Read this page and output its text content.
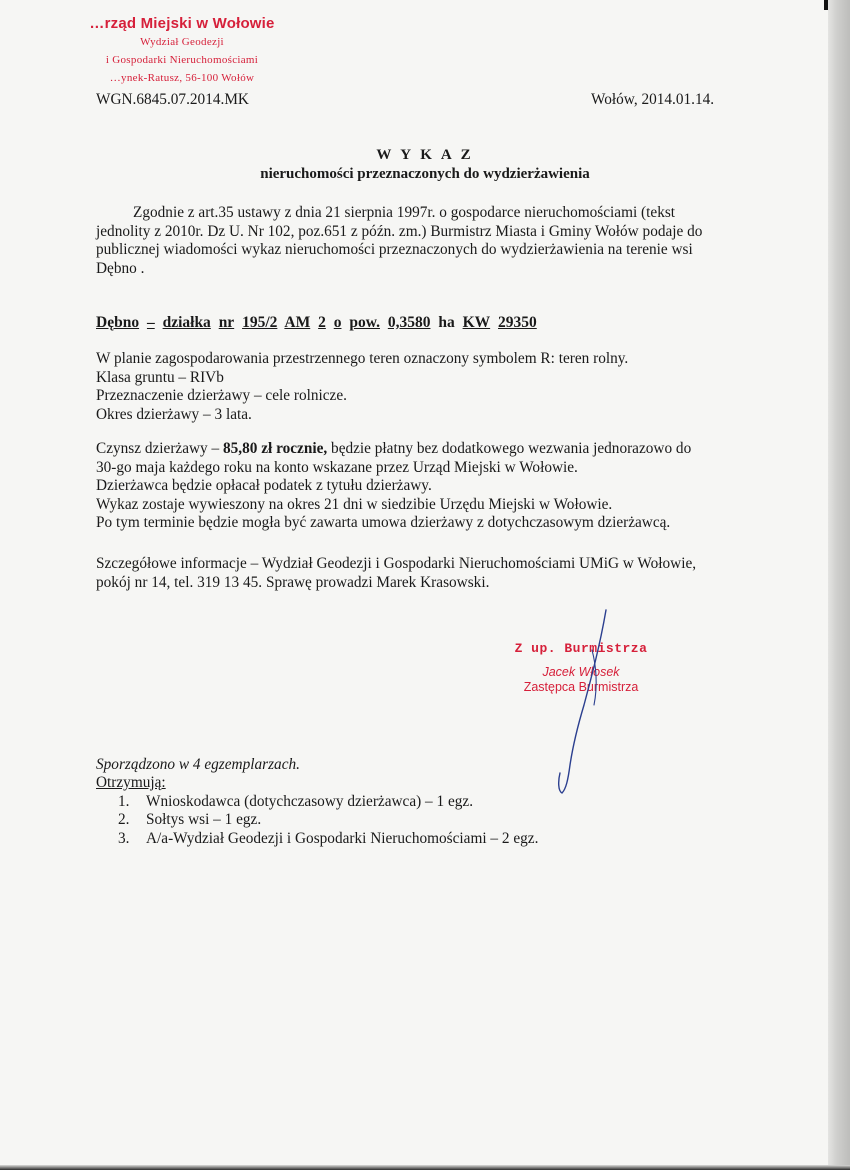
…rząd Miejski w Wołowie
Wydział Geodezji
i Gospodarki Nieruchomościami
…ynek-Ratusz, 56-100 Wołów
WGN.6845.07.2014.MK	Wołów, 2014.01.14.
W Y K A Z
nieruchomości przeznaczonych do wydzierżawienia
Zgodnie z art.35 ustawy z dnia 21 sierpnia 1997r. o gospodarce nieruchomościami (tekst
jednolity z 2010r. Dz U. Nr 102, poz.651 z późn. zm.) Burmistrz Miasta i Gminy Wołów podaje do
publicznej wiadomości wykaz nieruchomości przeznaczonych do wydzierżawienia na terenie wsi
Dębno .
Dębno – działka nr 195/2 AM 2 o pow. 0,3580 ha KW 29350
W planie zagospodarowania przestrzennego teren oznaczony symbolem R: teren rolny.
Klasa gruntu – RIVb
Przeznaczenie dzierżawy – cele rolnicze.
Okres dzierżawy – 3 lata.
Czynsz dzierżawy – 85,80 zł rocznie, będzie płatny bez dodatkowego wezwania jednorazowo do
30-go maja każdego roku na konto wskazane przez Urząd Miejski w Wołowie.
Dzierżawca będzie opłacał podatek z tytułu dzierżawy.
Wykaz zostaje wywieszony na okres 21 dni w siedzibie Urzędu Miejski w Wołowie.
Po tym terminie będzie mogła być zawarta umowa dzierżawy z dotychczasowym dzierżawcą.
Szczegółowe informacje – Wydział Geodezji i Gospodarki Nieruchomościami UMiG w Wołowie,
pokój nr 14, tel. 319 13 45. Sprawę prowadzi Marek Krasowski.
Z up. Burmistrza
Jacek Włosek
Zastępca Burmistrza
Sporządzono w 4 egzemplarzach.
Otrzymują:
1. Wnioskodawca (dotychczasowy dzierżawca) – 1 egz.
2. Sołtys wsi – 1 egz.
3. A/a-Wydział Geodezji i Gospodarki Nieruchomościami – 2 egz.
